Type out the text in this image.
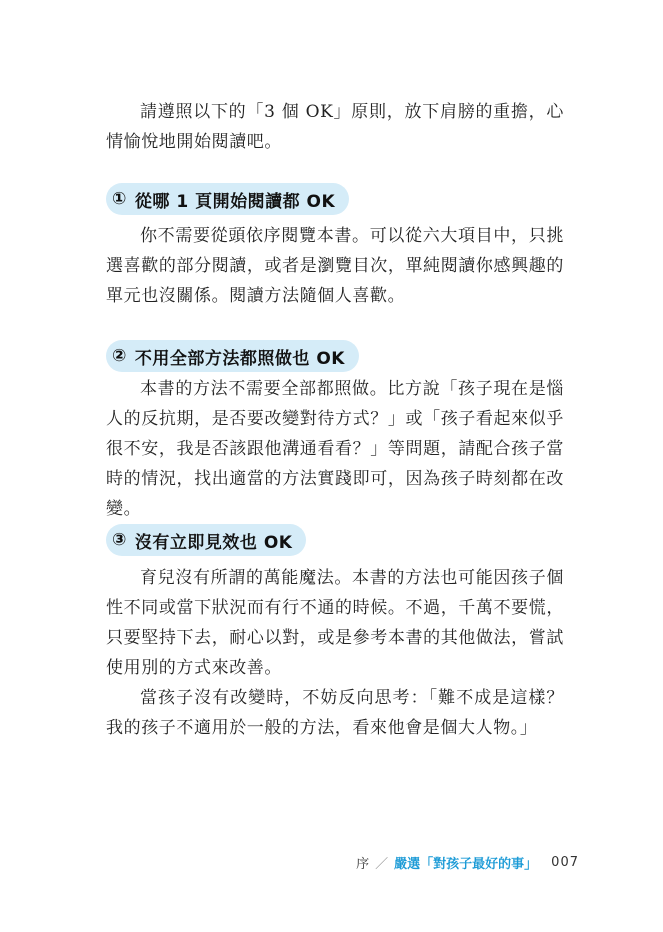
請遵照以下的「3 個 OK」原則，放下肩膀的重擔，心情愉悅地開始閱讀吧。

① 從哪 1 頁開始閱讀都 OK

你不需要從頭依序閱覽本書。可以從六大項目中，只挑選喜歡的部分閱讀，或者是瀏覽目次，單純閱讀你感興趣的單元也沒關係。閱讀方法隨個人喜歡。

② 不用全部方法都照做也 OK

本書的方法不需要全部都照做。比方說「孩子現在是惱人的反抗期，是否要改變對待方式？」或「孩子看起來似乎很不安，我是否該跟他溝通看看？」等問題，請配合孩子當時的情況，找出適當的方法實踐即可，因為孩子時刻都在改變。

③ 沒有立即見效也 OK

育兒沒有所謂的萬能魔法。本書的方法也可能因孩子個性不同或當下狀況而有行不通的時候。不過，千萬不要慌，只要堅持下去，耐心以對，或是參考本書的其他做法，嘗試使用別的方式來改善。

當孩子沒有改變時，不妨反向思考：「難不成是這樣？我的孩子不適用於一般的方法，看來他會是個大人物。」

序 ／ 嚴選「對孩子最好的事」 007
